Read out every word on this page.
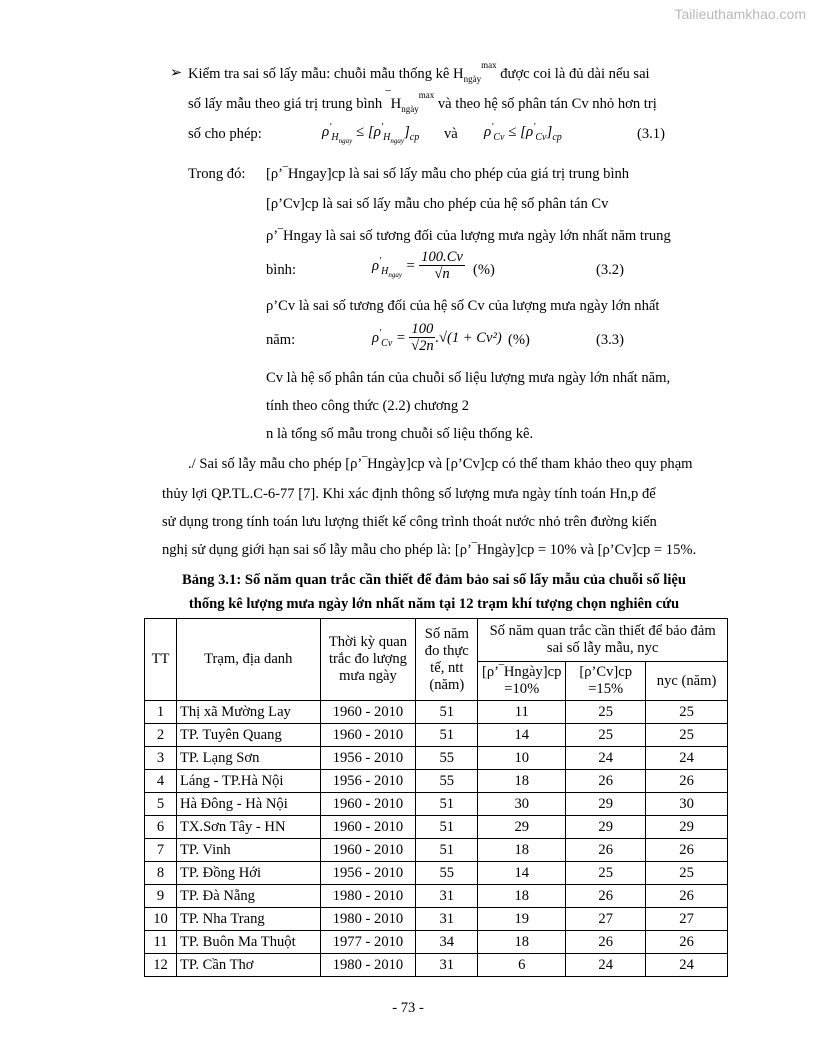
Tailieuthamkhao.com
➢ Kiểm tra sai số lấy mẫu: chuỗi mẫu thống kê $H_{ngày}^{max}$ được coi là đủ dài nếu sai
số lấy mẫu theo giá trị trung bình $‾H_{ngày}^{max}$ và theo hệ số phân tán Cv nhỏ hơn trị
số cho phép:	$\rho'_{H_{ngay}} \le [\rho'_{H_{ngay}}]_{cp}$ và $\rho'_{Cv} \le [\rho'_{Cv}]_{cp}$	(3.1)
Trong đó: [ρ’‾Hngay]cp là sai số lấy mẫu cho phép của giá trị trung bình
[ρ’Cv]cp là sai số lấy mẫu cho phép của hệ số phân tán Cv
ρ’‾Hngay là sai số tương đối của lượng mưa ngày lớn nhất năm trung
bình:	$\rho'_{H_{ngay}} = \frac{100.Cv}{√n}$ (%)	(3.2)
ρ’Cv là sai số tương đối của hệ số Cv của lượng mưa ngày lớn nhất
năm:	$\rho'_{Cv} = \frac{100}{√2n} .√(1 + Cv^2)$ (%)	(3.3)
Cv là hệ số phân tán của chuỗi số liệu lượng mưa ngày lớn nhất năm,
tính theo công thức (2.2) chương 2
n là tổng số mẫu trong chuỗi số liệu thống kê.
./ Sai số lẫy mẫu cho phép [ρ’‾Hngày]cp và [ρ’Cv]cp có thể tham khảo theo quy phạm
thủy lợi QP.TL.C-6-77 [7]. Khi xác định thông số lượng mưa ngày tính toán Hn,p để
sử dụng trong tính toán lưu lượng thiết kế công trình thoát nước nhỏ trên đường kiến
nghị sử dụng giới hạn sai số lẫy mẫu cho phép là: [ρ’‾Hngày]cp = 10% và [ρ’Cv]cp = 15%.
Bảng 3.1: Số năm quan trắc cần thiết để đảm bảo sai số lấy mẫu của chuỗi số liệu
thống kê lượng mưa ngày lớn nhất năm tại 12 trạm khí tượng chọn nghiên cứu
TT	Trạm, địa danh	Thời kỳ quan trắc đo lượng mưa ngày	Số năm đo thực tế, ntt (năm)	Số năm quan trắc cần thiết để bảo đảm sai số lẫy mẫu, nyc		
				[ρ’‾Hngày]cp =10%	[ρ’Cv]cp =15%	nyc (năm)
1	Thị xã Mường Lay	1960 - 2010	51	11	25	25
2	TP. Tuyên Quang	1960 - 2010	51	14	25	25
3	TP. Lạng Sơn	1956 - 2010	55	10	24	24
4	Láng - TP.Hà Nội	1956 - 2010	55	18	26	26
5	Hà Đông - Hà Nội	1960 - 2010	51	30	29	30
6	TX.Sơn Tây - HN	1960 - 2010	51	29	29	29
7	TP. Vinh	1960 - 2010	51	18	26	26
8	TP. Đồng Hới	1956 - 2010	55	14	25	25
9	TP. Đà Nẵng	1980 - 2010	31	18	26	26
10	TP. Nha Trang	1980 - 2010	31	19	27	27
11	TP. Buôn Ma Thuột	1977 - 2010	34	18	26	26
12	TP. Cần Thơ	1980 - 2010	31	6	24	24
- 73 -
